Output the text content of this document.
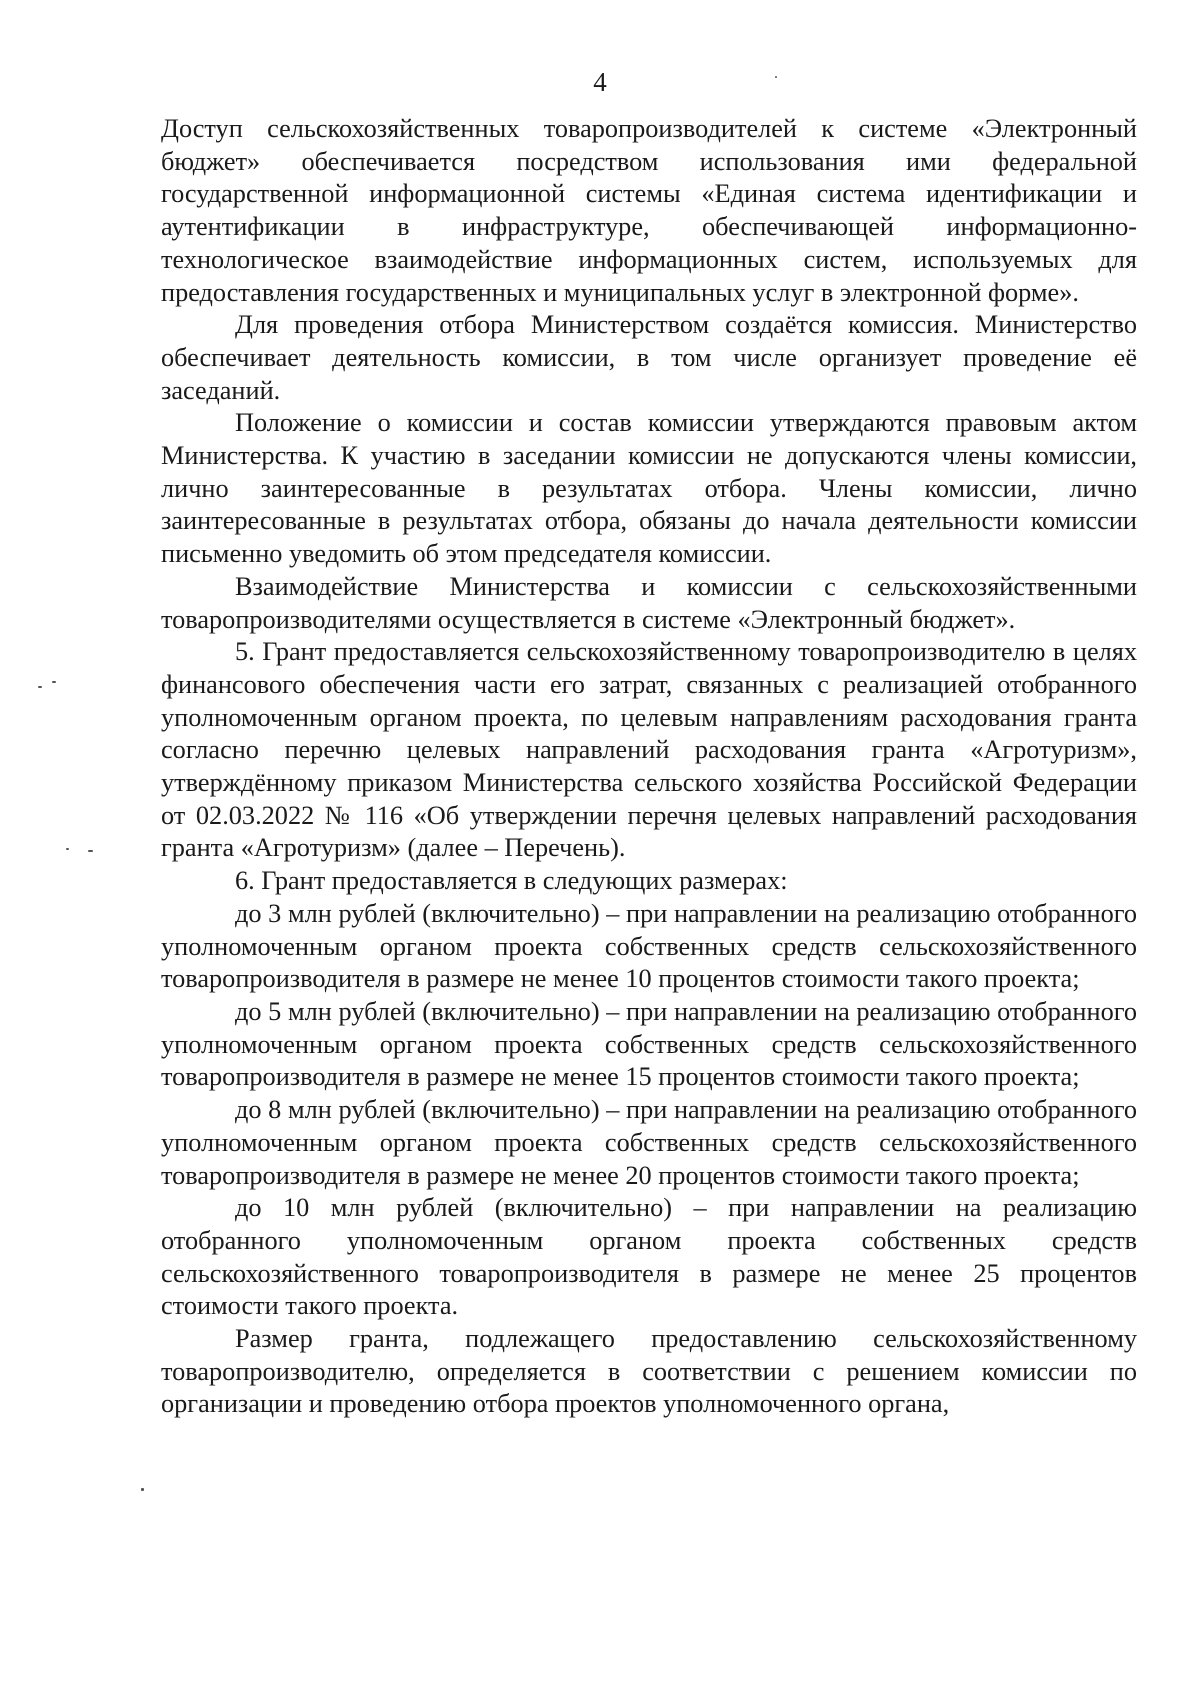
4

Доступ сельскохозяйственных товаропроизводителей к системе «Электронный бюджет» обеспечивается посредством использования ими федеральной государственной информационной системы «Единая система идентификации и аутентификации в инфраструктуре, обеспечивающей информационно-технологическое взаимодействие информационных систем, используемых для предоставления государственных и муниципальных услуг в электронной форме».

Для проведения отбора Министерством создаётся комиссия. Министерство обеспечивает деятельность комиссии, в том числе организует проведение её заседаний.

Положение о комиссии и состав комиссии утверждаются правовым актом Министерства. К участию в заседании комиссии не допускаются члены комиссии, лично заинтересованные в результатах отбора. Члены комиссии, лично заинтересованные в результатах отбора, обязаны до начала деятельности комиссии письменно уведомить об этом председателя комиссии.

Взаимодействие Министерства и комиссии с сельскохозяйственными товаропроизводителями осуществляется в системе «Электронный бюджет».

5. Грант предоставляется сельскохозяйственному товаропроизводителю в целях финансового обеспечения части его затрат, связанных с реализацией отобранного уполномоченным органом проекта, по целевым направлениям расходования гранта согласно перечню целевых направлений расходования гранта «Агротуризм», утверждённому приказом Министерства сельского хозяйства Российской Федерации от 02.03.2022 № 116 «Об утверждении перечня целевых направлений расходования гранта «Агротуризм» (далее – Перечень).

6. Грант предоставляется в следующих размерах:

до 3 млн рублей (включительно) – при направлении на реализацию отобранного уполномоченным органом проекта собственных средств сельскохозяйственного товаропроизводителя в размере не менее 10 процентов стоимости такого проекта;

до 5 млн рублей (включительно) – при направлении на реализацию отобранного уполномоченным органом проекта собственных средств сельскохозяйственного товаропроизводителя в размере не менее 15 процентов стоимости такого проекта;

до 8 млн рублей (включительно) – при направлении на реализацию отобранного уполномоченным органом проекта собственных средств сельскохозяйственного товаропроизводителя в размере не менее 20 процентов стоимости такого проекта;

до 10 млн рублей (включительно) – при направлении на реализацию отобранного уполномоченным органом проекта собственных средств сельскохозяйственного товаропроизводителя в размере не менее 25 процентов стоимости такого проекта.

Размер гранта, подлежащего предоставлению сельскохозяйственному товаропроизводителю, определяется в соответствии с решением комиссии по организации и проведению отбора проектов уполномоченного органа,
